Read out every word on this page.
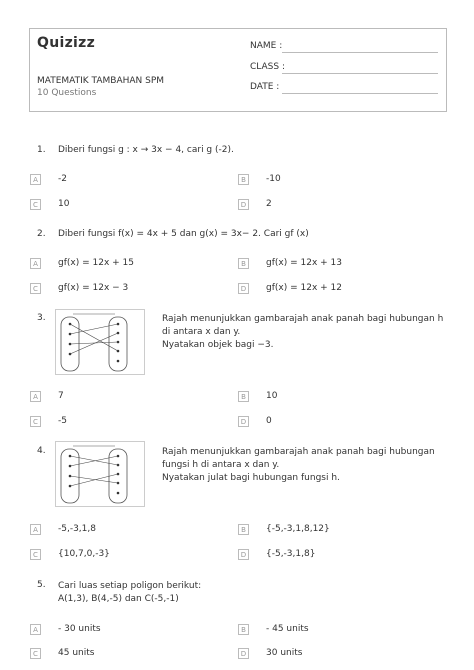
Quizizz
MATEMATIK TAMBAHAN SPM
10 Questions
NAME :
CLASS :
DATE :
1. Diberi fungsi g : x → 3x − 4, cari g (-2).
A	-2	B	-10
C	10	D	2
2. Diberi fungsi f(x) = 4x + 5 dan g(x) = 3x− 2. Cari gf (x)
A	gf(x) = 12x + 15	B	gf(x) = 12x + 13
C	gf(x) = 12x − 3	D	gf(x) = 12x + 12
3.	Rajah menunjukkan gambarajah anak panah bagi hubungan h
di antara x dan y.
Nyatakan objek bagi −3.
A	7	B	10
C	-5	D	0
4.	Rajah menunjukkan gambarajah anak panah bagi hubungan
fungsi h di antara x dan y.
Nyatakan julat bagi hubungan fungsi h.
A	-5,-3,1,8	B	{-5,-3,1,8,12}
C	{10,7,0,-3}	D	{-5,-3,1,8}
5. Cari luas setiap poligon berikut:
A(1,3), B(4,-5) dan C(-5,-1)
A	- 30 units	B	- 45 units
C	45 units	D	30 units
